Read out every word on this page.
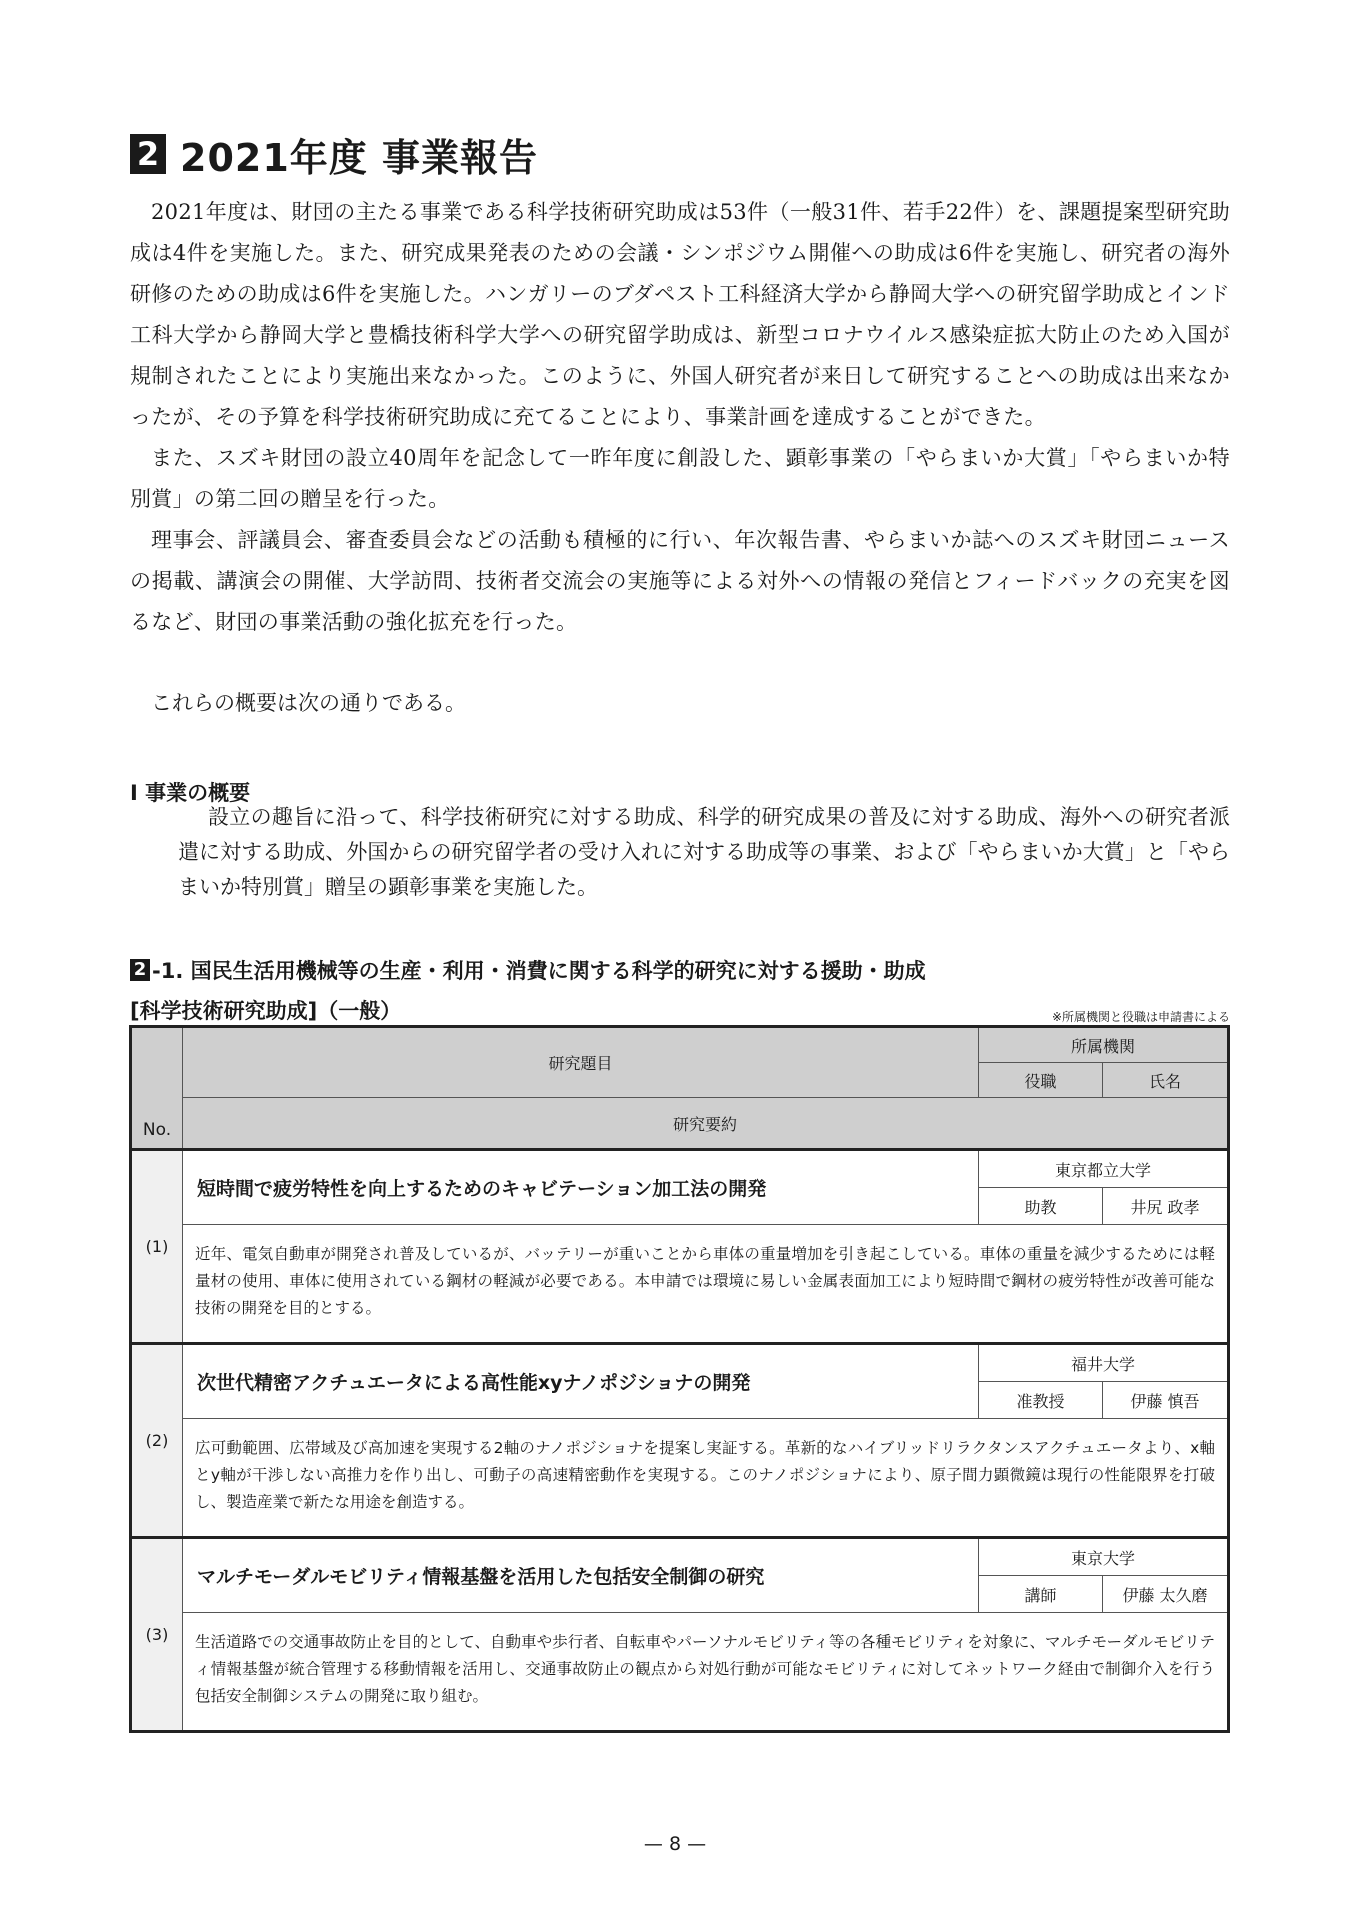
2 2021年度 事業報告

2021年度は、財団の主たる事業である科学技術研究助成は53件（一般31件、若手22件）を、課題提案型研究助成は4件を実施した。また、研究成果発表のための会議・シンポジウム開催への助成は6件を実施し、研究者の海外研修のための助成は6件を実施した。ハンガリーのブダペスト工科経済大学から静岡大学への研究留学助成とインド工科大学から静岡大学と豊橋技術科学大学への研究留学助成は、新型コロナウイルス感染症拡大防止のため入国が規制されたことにより実施出来なかった。このように、外国人研究者が来日して研究することへの助成は出来なかったが、その予算を科学技術研究助成に充てることにより、事業計画を達成することができた。

また、スズキ財団の設立40周年を記念して一昨年度に創設した、顕彰事業の「やらまいか大賞」「やらまいか特別賞」の第二回の贈呈を行った。

理事会、評議員会、審査委員会などの活動も積極的に行い、年次報告書、やらまいか誌へのスズキ財団ニュースの掲載、講演会の開催、大学訪問、技術者交流会の実施等による対外への情報の発信とフィードバックの充実を図るなど、財団の事業活動の強化拡充を行った。

これらの概要は次の通りである。
Ⅰ 事業の概要

設立の趣旨に沿って、科学技術研究に対する助成、科学的研究成果の普及に対する助成、海外への研究者派遣に対する助成、外国からの研究留学者の受け入れに対する助成等の事業、および「やらまいか大賞」と「やらまいか特別賞」贈呈の顕彰事業を実施した。

2 -1. 国民生活用機械等の生産・利用・消費に関する科学的研究に対する援助・助成
[科学技術研究助成]（一般）	※所属機関と役職は申請書による
No.	研究題目	所属機関	
		役職	氏名
	研究要約		
(1)	短時間で疲労特性を向上するためのキャビテーション加工法の開発	東京都立大学	
		助教	井尻 政孝
	近年、電気自動車が開発され普及しているが、バッテリーが重いことから車体の重量増加を引き起こしている。車体の重量を減少するためには軽量材の使用、車体に使用されている鋼材の軽減が必要である。本申請では環境に易しい金属表面加工により短時間で鋼材の疲労特性が改善可能な技術の開発を目的とする。		
(2)	次世代精密アクチュエータによる高性能xyナノポジショナの開発	福井大学	
		准教授	伊藤 慎吾
	広可動範囲、広帯域及び高加速を実現する2軸のナノポジショナを提案し実証する。革新的なハイブリッドリラクタンスアクチュエータより、x軸とy軸が干渉しない高推力を作り出し、可動子の高速精密動作を実現する。このナノポジショナにより、原子間力顕微鏡は現行の性能限界を打破し、製造産業で新たな用途を創造する。		
(3)	マルチモーダルモビリティ情報基盤を活用した包括安全制御の研究	東京大学	
		講師	伊藤 太久磨
	生活道路での交通事故防止を目的として、自動車や歩行者、自転車やパーソナルモビリティ等の各種モビリティを対象に、マルチモーダルモビリティ情報基盤が統合管理する移動情報を活用し、交通事故防止の観点から対処行動が可能なモビリティに対してネットワーク経由で制御介入を行う包括安全制御システムの開発に取り組む。		
— 8 —
